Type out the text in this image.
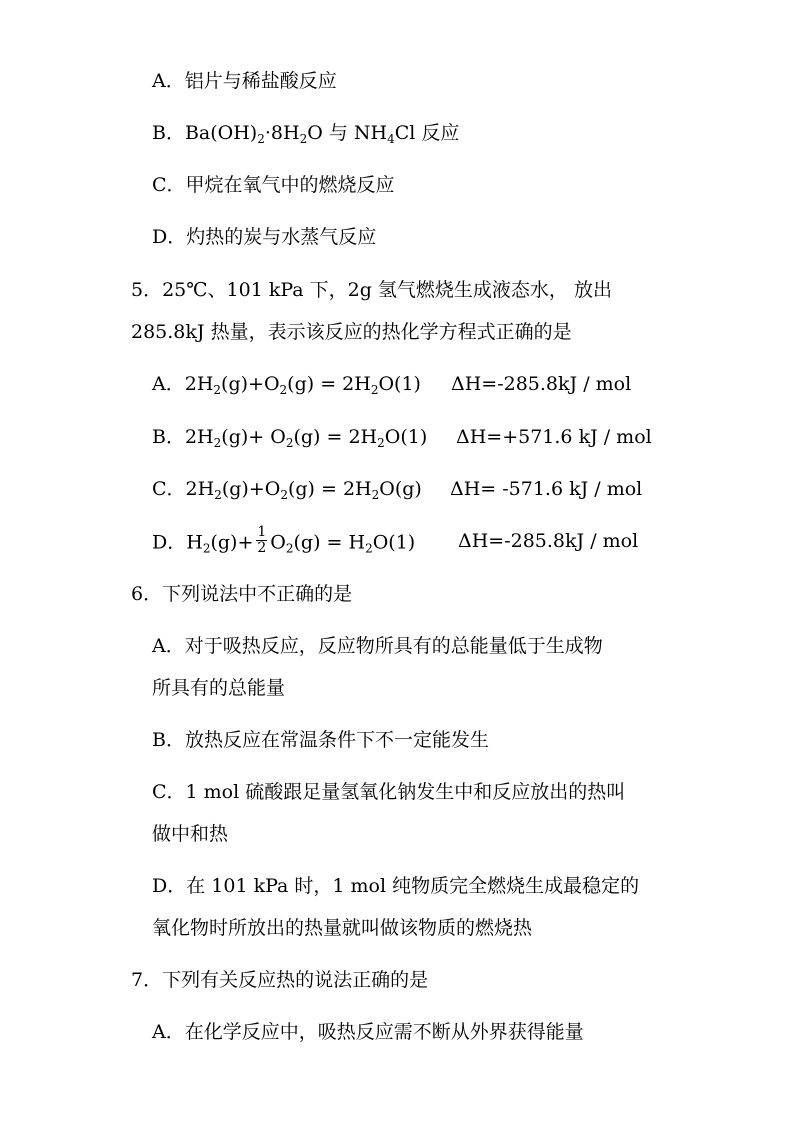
A．铝片与稀盐酸反应
B．$Ba(OH)_2\cdot 8H_2O$ 与 $NH_4Cl$ 反应
C．甲烷在氧气中的燃烧反应
D．灼热的炭与水蒸气反应
5．25℃、101 kPa 下，2g 氢气燃烧生成液态水， 放出
285.8kJ 热量，表示该反应的热化学方程式正确的是
A．$2H_2(g)+O_2(g) = 2H_2O(1)$ ΔH=-285.8kJ / mol
B．$2H_2(g)+ O_2(g) = 2H_2O(1)$ ΔH=+571.6 kJ / mol
C．$2H_2(g)+O_2(g) = 2H_2O(g)$ ΔH= -571.6 kJ / mol
D．$H_2(g)+ \frac{1}{2} O_2(g) = H_2O(1)$ ΔH=-285.8kJ / mol
6．下列说法中不正确的是
A．对于吸热反应，反应物所具有的总能量低于生成物
所具有的总能量
B．放热反应在常温条件下不一定能发生
C．1 mol 硫酸跟足量氢氧化钠发生中和反应放出的热叫
做中和热
D．在 101 kPa 时，1 mol 纯物质完全燃烧生成最稳定的
氧化物时所放出的热量就叫做该物质的燃烧热
7．下列有关反应热的说法正确的是
A．在化学反应中，吸热反应需不断从外界获得能量
